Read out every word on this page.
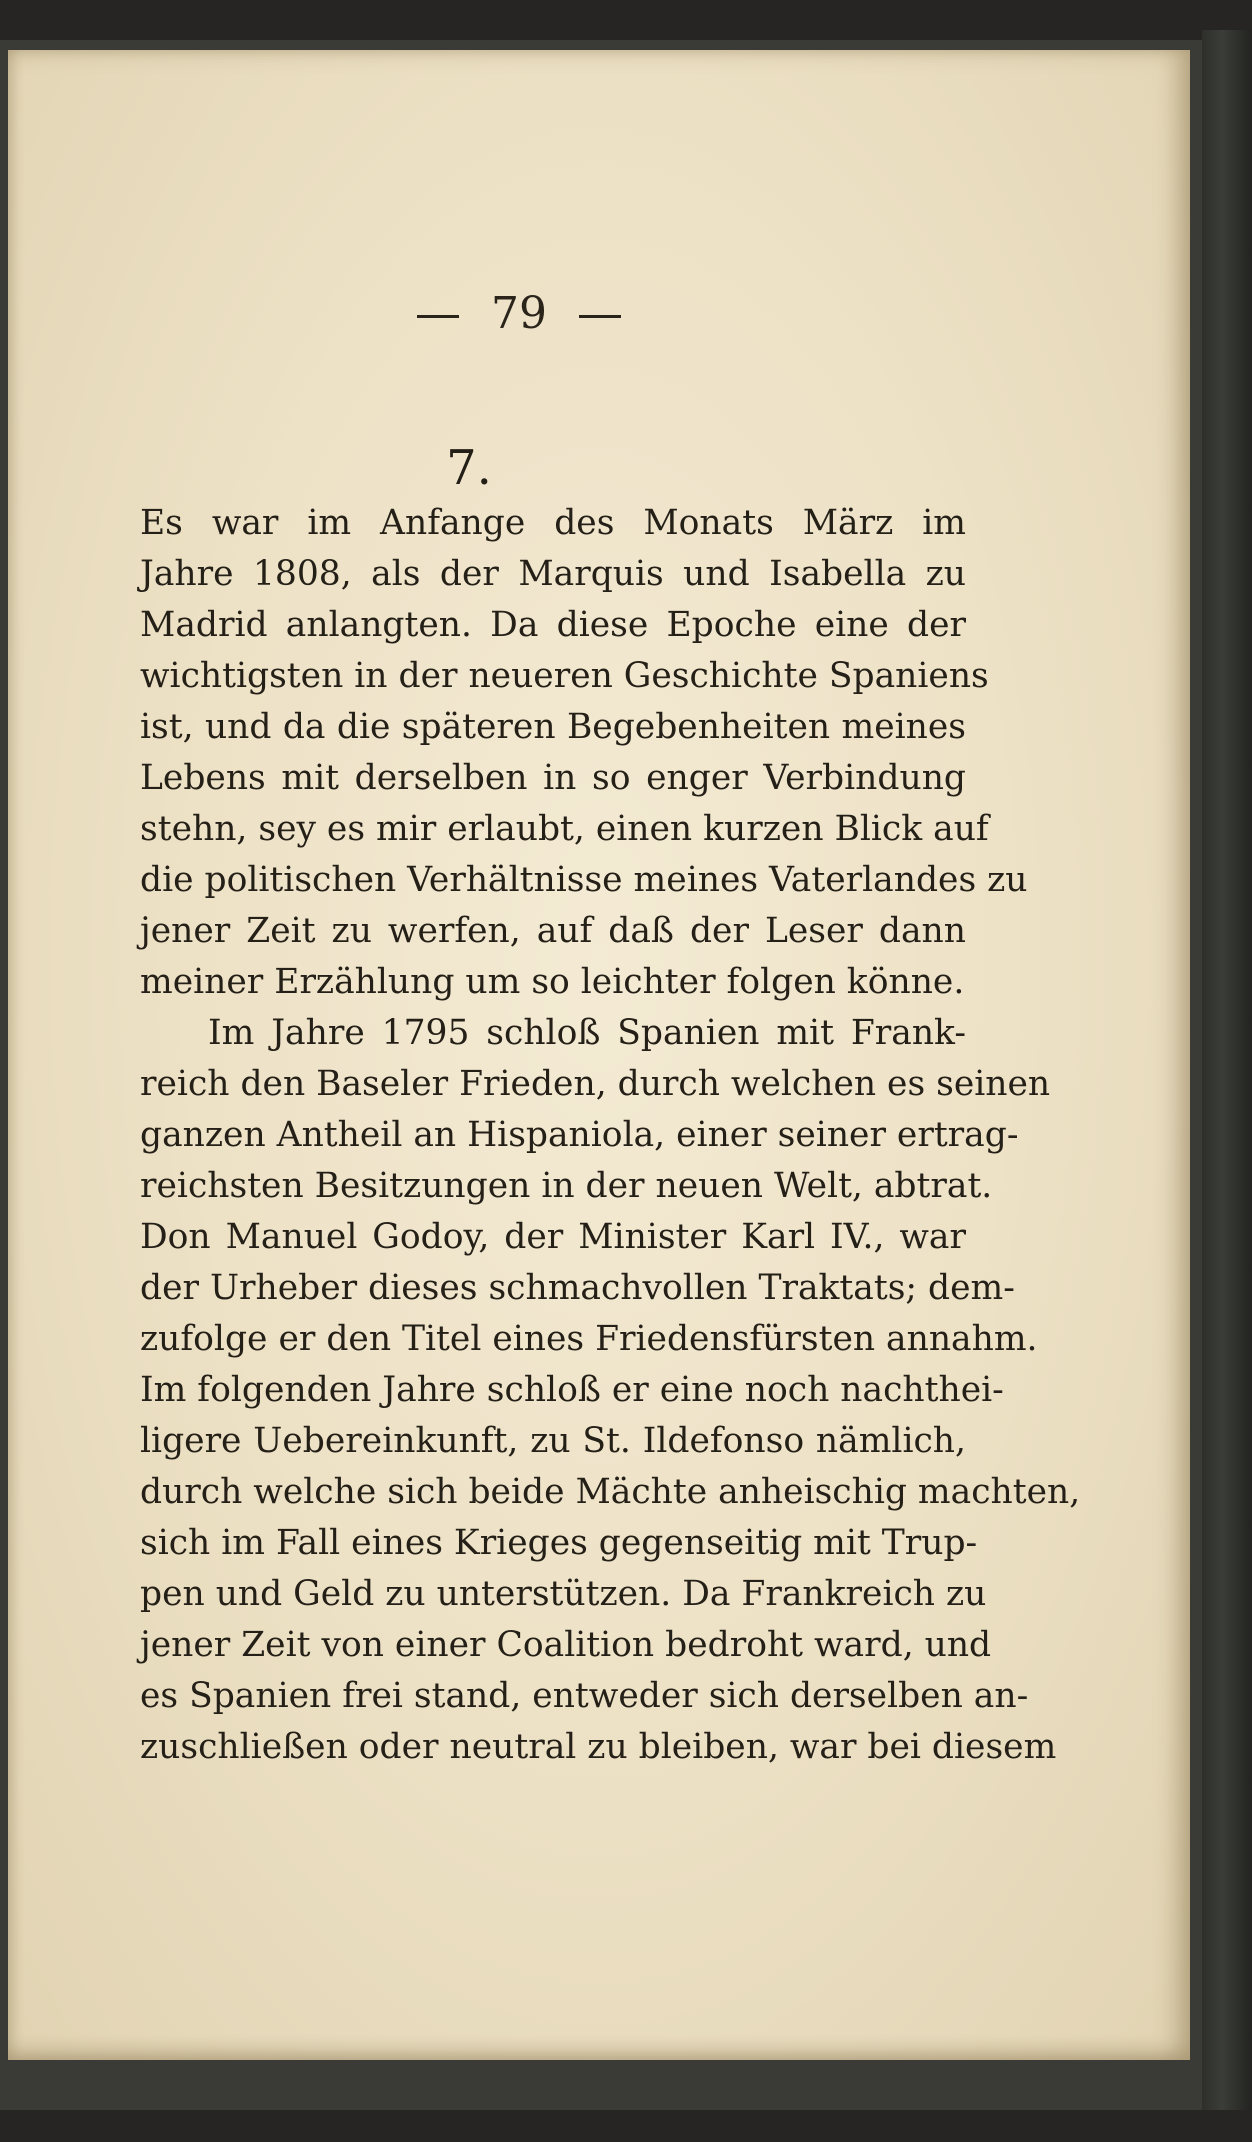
79
7.
Es war im Anfange des Monats März im
Jahre 1808, als der Marquis und Isabella zu
Madrid anlangten. Da diese Epoche eine der
wichtigsten in der neueren Geschichte Spaniens
ist, und da die späteren Begebenheiten meines
Lebens mit derselben in so enger Verbindung
stehn, sey es mir erlaubt, einen kurzen Blick auf
die politischen Verhältnisse meines Vaterlandes zu
jener Zeit zu werfen, auf daß der Leser dann
meiner Erzählung um so leichter folgen könne.
Im Jahre 1795 schloß Spanien mit Frank-
reich den Baseler Frieden, durch welchen es seinen
ganzen Antheil an Hispaniola, einer seiner ertrag-
reichsten Besitzungen in der neuen Welt, abtrat.
Don Manuel Godoy, der Minister Karl IV., war
der Urheber dieses schmachvollen Traktats; dem-
zufolge er den Titel eines Friedensfürsten annahm.
Im folgenden Jahre schloß er eine noch nachthei-
ligere Uebereinkunft, zu St. Ildefonso nämlich,
durch welche sich beide Mächte anheischig machten,
sich im Fall eines Krieges gegenseitig mit Trup-
pen und Geld zu unterstützen. Da Frankreich zu
jener Zeit von einer Coalition bedroht ward, und
es Spanien frei stand, entweder sich derselben an-
zuschließen oder neutral zu bleiben, war bei diesem
